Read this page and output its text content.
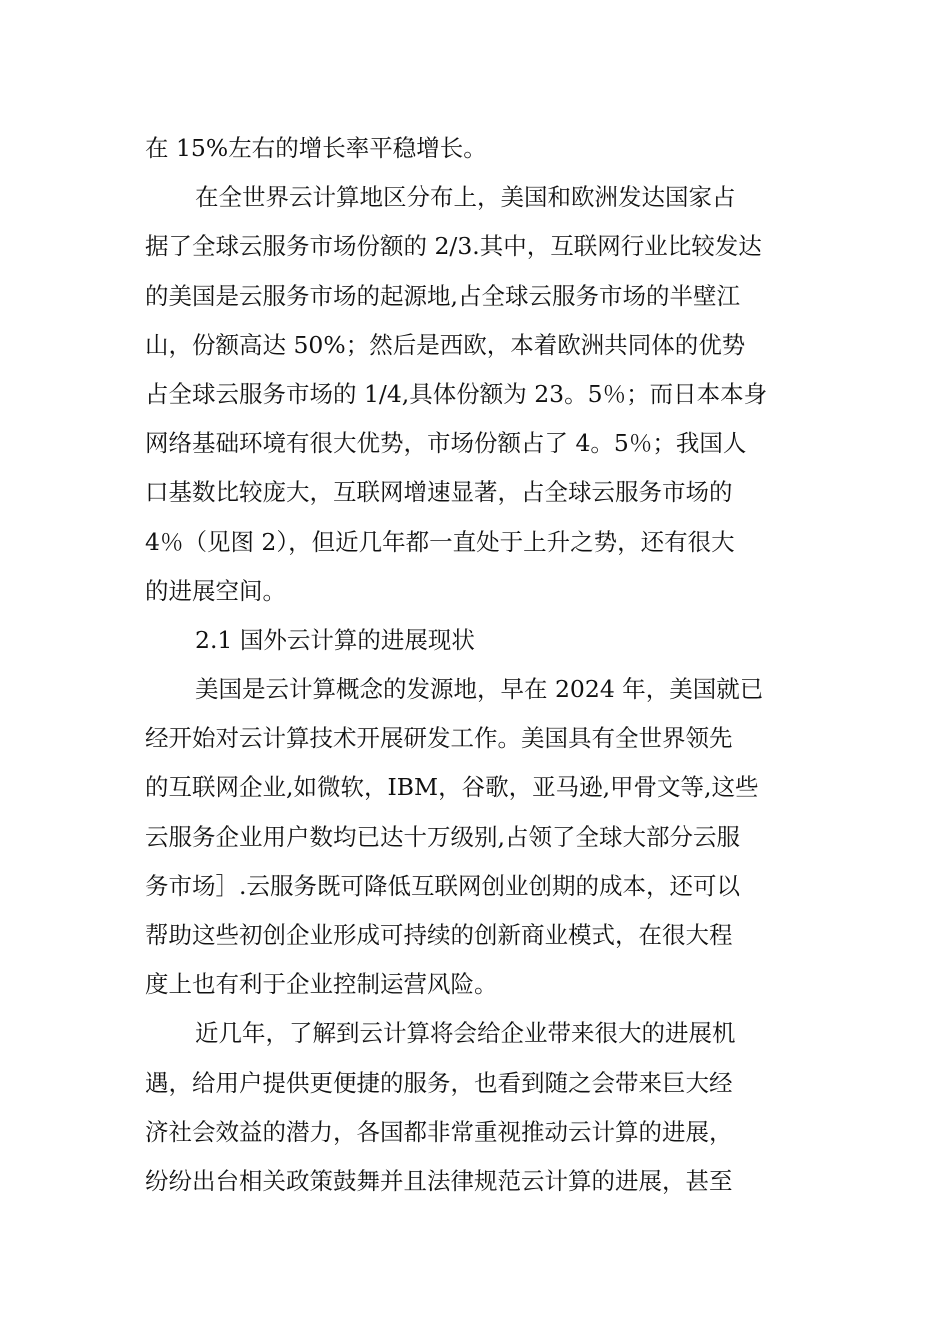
在 15%左右的增长率平稳增长。
在全世界云计算地区分布上，美国和欧洲发达国家占
据了全球云服务市场份额的 2/3.其中，互联网行业比较发达
的美国是云服务市场的起源地,占全球云服务市场的半壁江
山，份额高达 50%；然后是西欧，本着欧洲共同体的优势
占全球云服务市场的 1/4,具体份额为 23。5％；而日本本身
网络基础环境有很大优势，市场份额占了 4。5％；我国人
口基数比较庞大，互联网增速显著，占全球云服务市场的
4％（见图 2），但近几年都一直处于上升之势，还有很大
的进展空间。
2.1 国外云计算的进展现状
美国是云计算概念的发源地，早在 2024 年，美国就已
经开始对云计算技术开展研发工作。美国具有全世界领先
的互联网企业,如微软，IBM，谷歌，亚马逊,甲骨文等,这些
云服务企业用户数均已达十万级别,占领了全球大部分云服
务市场］.云服务既可降低互联网创业创期的成本，还可以
帮助这些初创企业形成可持续的创新商业模式，在很大程
度上也有利于企业控制运营风险。
近几年，了解到云计算将会给企业带来很大的进展机
遇，给用户提供更便捷的服务，也看到随之会带来巨大经
济社会效益的潜力，各国都非常重视推动云计算的进展，
纷纷出台相关政策鼓舞并且法律规范云计算的进展，甚至
